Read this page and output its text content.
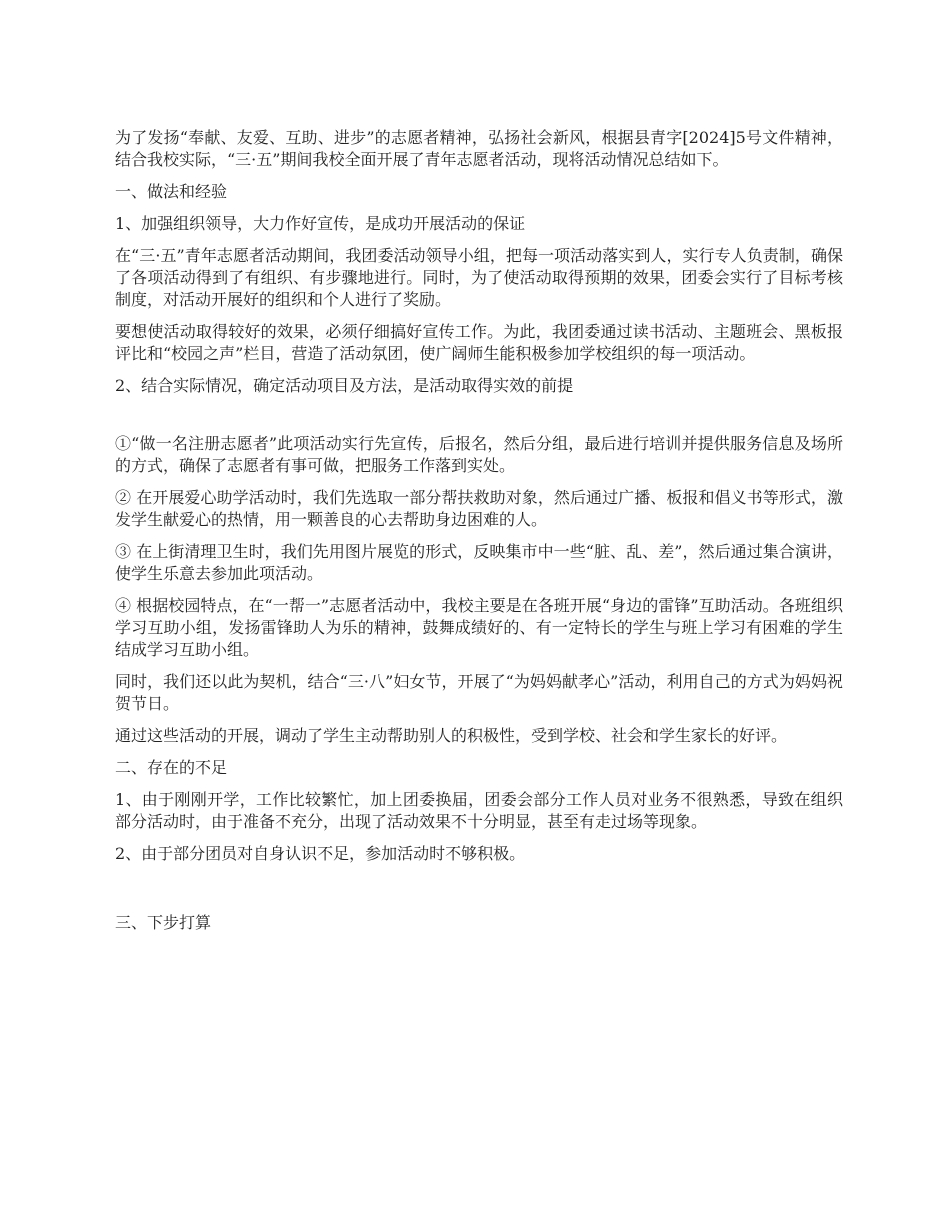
为了发扬“奉献、友爱、互助、进步”的志愿者精神，弘扬社会新风，根据县青字[2024]5号文件精神，结合我校实际，“三·五”期间我校全面开展了青年志愿者活动，现将活动情况总结如下。

一、做法和经验

1、加强组织领导，大力作好宣传，是成功开展活动的保证

在“三·五”青年志愿者活动期间，我团委活动领导小组，把每一项活动落实到人，实行专人负责制，确保了各项活动得到了有组织、有步骤地进行。同时，为了使活动取得预期的效果，团委会实行了目标考核制度，对活动开展好的组织和个人进行了奖励。

要想使活动取得较好的效果，必须仔细搞好宣传工作。为此，我团委通过读书活动、主题班会、黑板报评比和“校园之声”栏目，营造了活动氛团，使广阔师生能积极参加学校组织的每一项活动。

2、结合实际情况，确定活动项目及方法，是活动取得实效的前提

①“做一名注册志愿者”此项活动实行先宣传，后报名，然后分组，最后进行培训并提供服务信息及场所的方式，确保了志愿者有事可做，把服务工作落到实处。

② 在开展爱心助学活动时，我们先选取一部分帮扶救助对象，然后通过广播、板报和倡义书等形式，激发学生献爱心的热情，用一颗善良的心去帮助身边困难的人。

③ 在上街清理卫生时，我们先用图片展览的形式，反映集市中一些“脏、乱、差”，然后通过集合演讲，使学生乐意去参加此项活动。

④ 根据校园特点，在“一帮一”志愿者活动中，我校主要是在各班开展“身边的雷锋”互助活动。各班组织学习互助小组，发扬雷锋助人为乐的精神，鼓舞成绩好的、有一定特长的学生与班上学习有困难的学生结成学习互助小组。

同时，我们还以此为契机，结合“三·八”妇女节，开展了“为妈妈献孝心”活动，利用自己的方式为妈妈祝贺节日。

通过这些活动的开展，调动了学生主动帮助别人的积极性，受到学校、社会和学生家长的好评。

二、存在的不足

1、由于刚刚开学，工作比较繁忙，加上团委换届，团委会部分工作人员对业务不很熟悉，导致在组织部分活动时，由于准备不充分，出现了活动效果不十分明显，甚至有走过场等现象。

2、由于部分团员对自身认识不足，参加活动时不够积极。

三、下步打算
